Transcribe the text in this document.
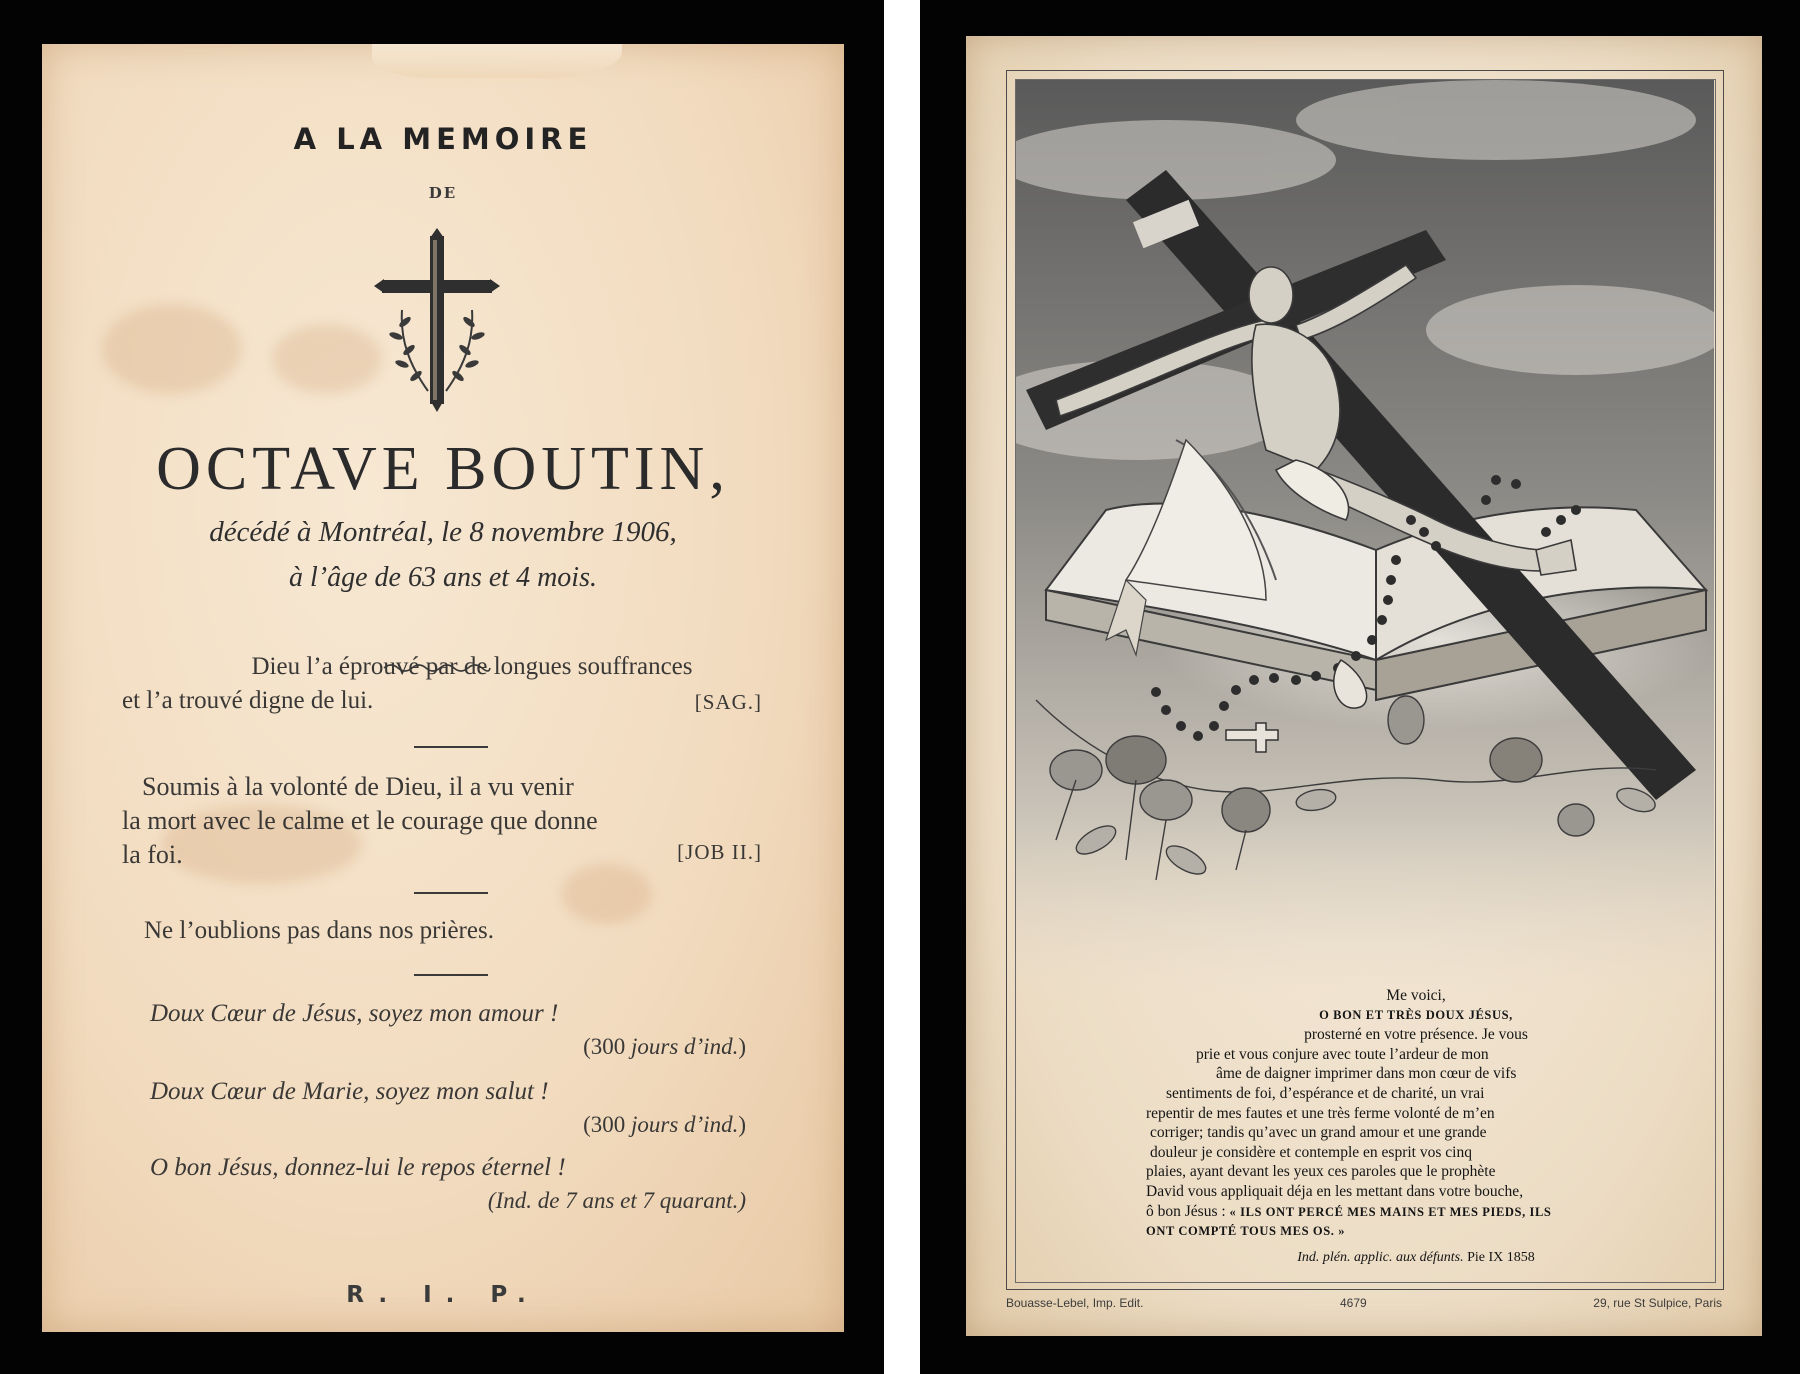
A LA MEMOIRE
DE
OCTAVE BOUTIN,
décédé à Montréal, le 8 novembre 1906,
à l’âge de 63 ans et 4 mois.
Dieu l’a éprouvé par de longues souffrances
et l’a trouvé digne de lui.	[SAG.]
Soumis à la volonté de Dieu, il a vu venir
la mort avec le calme et le courage que donne
la foi.	[JOB II.]
Ne l’oublions pas dans nos prières.
Doux Cœur de Jésus, soyez mon amour !
(300 jours d’ind.)
Doux Cœur de Marie, soyez mon salut !
(300 jours d’ind.)
O bon Jésus, donnez-lui le repos éternel !
(Ind. de 7 ans et 7 quarant.)
R. I. P.
Me voici,
O BON ET TRÈS DOUX JÉSUS,
prosterné en votre présence. Je vous
prie et vous conjure avec toute l’ardeur de mon
âme de daigner imprimer dans mon cœur de vifs
sentiments de foi, d’espérance et de charité, un vrai
repentir de mes fautes et une très ferme volonté de m’en
corriger; tandis qu’avec un grand amour et une grande
douleur je considère et contemple en esprit vos cinq
plaies, ayant devant les yeux ces paroles que le prophète
David vous appliquait déja en les mettant dans votre bouche,
ô bon Jésus : « ILS ONT PERCÉ MES MAINS ET MES PIEDS, ILS
ONT COMPTÉ TOUS MES OS. »
Ind. plén. applic. aux défunts. Pie IX 1858
Bouasse-Lebel, Imp. Edit.	4679	29, rue St Sulpice, Paris
